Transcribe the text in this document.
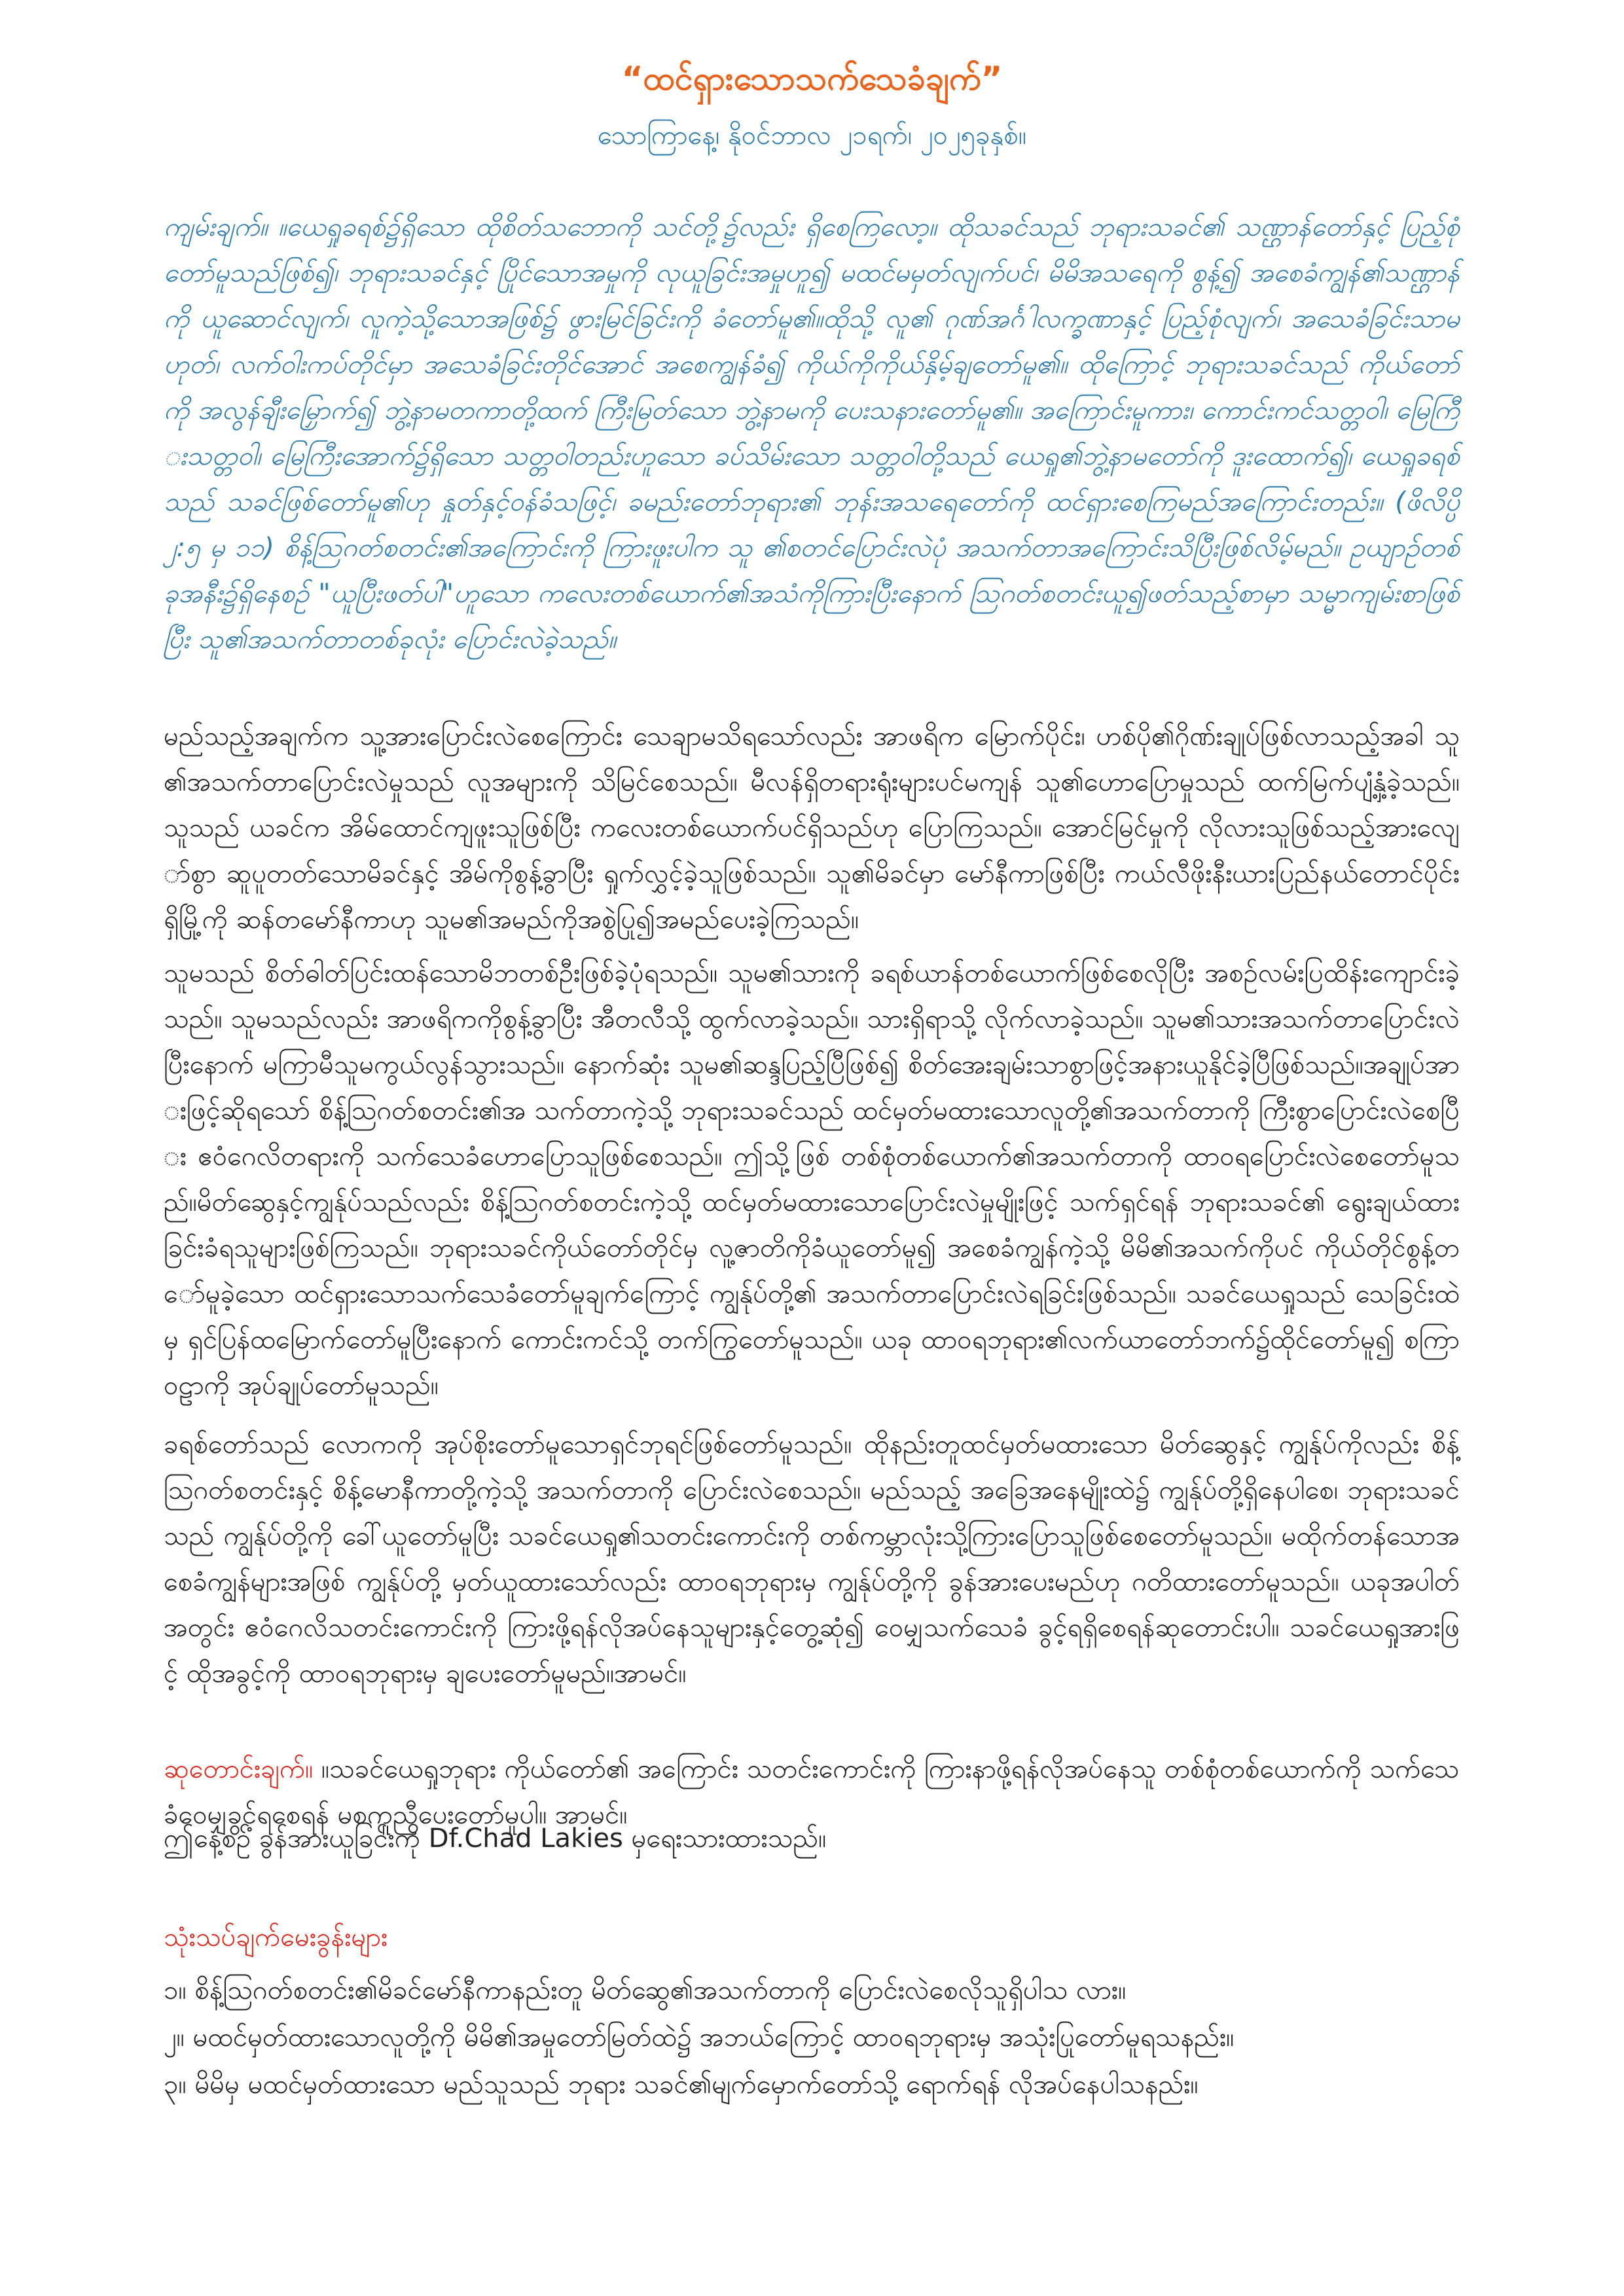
“ထင်ရှားသောသက်သေခံချက်”
သောကြာနေ့၊ နိုဝင်ဘာလ ၂၁ရက်၊ ၂၀၂၅ခုနှစ်။

ကျမ်းချက်။ ။ယေရှုခရစ်၌ရှိသော ထိုစိတ်သဘောကို သင်တို့၌လည်း ရှိစေကြလော့။ ထိုသခင်သည် ဘုရားသခင်၏ သဏ္ဌာန်တော်နှင့် ပြည့်စုံတော်မူသည်ဖြစ်၍၊ ဘုရားသခင်နှင့် ပြိုင်သောအမှုကို လုယူခြင်းအမှုဟူ၍ မထင်မမှတ်လျက်ပင်၊ မိမိအသရေကို စွန့်၍ အစေခံကျွန်၏သဏ္ဌာန်ကို ယူဆောင်လျက်၊ လူကဲ့သို့သောအဖြစ်၌ ဖွားမြင်ခြင်းကို ခံတော်မူ၏။ထိုသို့ လူ၏ ဂုဏ်အင်္ဂါလက္ခဏာနှင့် ပြည့်စုံလျက်၊ အသေခံခြင်းသာမဟုတ်၊ လက်ဝါးကပ်တိုင်မှာ အသေခံခြင်းတိုင်အောင် အစေကျွန်ခံ၍ ကိုယ်ကိုကိုယ်နှိမ့်ချတော်မူ၏။ ထိုကြောင့် ဘုရားသခင်သည် ကိုယ်တော်ကို အလွန်ချီးမြှောက်၍ ဘွဲ့နာမတကာတို့ထက် ကြီးမြတ်သော ဘွဲ့နာမကို ပေးသနားတော်မူ၏။ အကြောင်းမူကား၊ ကောင်းကင်သတ္တဝါ၊ မြေကြီးသတ္တဝါ၊ မြေကြီးအောက်၌ရှိသော သတ္တဝါတည်းဟူသော ခပ်သိမ်းသော သတ္တဝါတို့သည် ယေရှု၏ဘွဲ့နာမတော်ကို ဒူးထောက်၍၊ ယေရှုခရစ်သည် သခင်ဖြစ်တော်မူ၏ဟု နှုတ်နှင့်ဝန်ခံသဖြင့်၊ ခမည်းတော်ဘုရား၏ ဘုန်းအသရေတော်ကို ထင်ရှားစေကြမည်အကြောင်းတည်း။ (ဖိလိပ္ပိ ၂:၅ မှ ၁၁) စိန့်ဩဂတ်စတင်း၏အကြောင်းကို ကြားဖူးပါက သူ ၏စတင်ပြောင်းလဲပုံ အသက်တာအကြောင်းသိပြီးဖြစ်လိမ့်မည်။ ဥယျာဉ်တစ်ခုအနီး၌ရှိနေစဉ် "ယူပြီးဖတ်ပါ"ဟူသော ကလေးတစ်ယောက်၏အသံကိုကြားပြီးနောက် ဩဂတ်စတင်းယူ၍ဖတ်သည့်စာမှာ သမ္မာကျမ်းစာဖြစ်ပြီး သူ၏အသက်တာတစ်ခုလုံး ပြောင်းလဲခဲ့သည်။

မည်သည့်အချက်က သူ့အားပြောင်းလဲစေကြောင်း သေချာမသိရသော်လည်း အာဖရိက မြောက်ပိုင်း၊ ဟစ်ပို၏ဂိုဏ်းချုပ်ဖြစ်လာသည့်အခါ သူ၏အသက်တာပြောင်းလဲမှုသည် လူအများကို သိမြင်စေသည်။ မီလန်ရှိတရားရုံးများပင်မကျန် သူ၏ဟောပြောမှုသည် ထက်မြက်ပျံ့နှံ့ခဲ့သည်။ သူသည် ယခင်က အိမ်ထောင်ကျဖူးသူဖြစ်ပြီး ကလေးတစ်ယောက်ပင်ရှိသည်ဟု ပြောကြသည်။ အောင်မြင်မှုကို လိုလားသူဖြစ်သည့်အားလျော်စွာ ဆူပူတတ်သောမိခင်နှင့် အိမ်ကိုစွန့်ခွာပြီး ရှုက်လွှင့်ခဲ့သူဖြစ်သည်။ သူ၏မိခင်မှာ မော်နီကာဖြစ်ပြီး ကယ်လီဖိုးနီးယားပြည်နယ်တောင်ပိုင်းရှိမြို့ကို ဆန်တမော်နီကာဟု သူမ၏အမည်ကိုအစွဲပြု၍အမည်ပေးခဲ့ကြသည်။

သူမသည် စိတ်ဓါတ်ပြင်းထန်သောမိဘတစ်ဦးဖြစ်ခဲ့ပုံရသည်။ သူမ၏သားကို ခရစ်ယာန်တစ်ယောက်ဖြစ်စေလိုပြီး အစဉ်လမ်းပြထိန်းကျောင်းခဲ့သည်။ သူမသည်လည်း အာဖရိကကိုစွန့်ခွာပြီး အီတလီသို့ ထွက်လာခဲ့သည်။ သားရှိရာသို့ လိုက်လာခဲ့သည်။ သူမ၏သားအသက်တာပြောင်းလဲ ပြီးနောက် မကြာမီသူမကွယ်လွန်သွားသည်။ နောက်ဆုံး သူမ၏ဆန္ဒပြည့်ပြီဖြစ်၍ စိတ်အေးချမ်းသာစွာဖြင့်အနားယူနိုင်ခဲ့ပြီဖြစ်သည်။အချုပ်အားဖြင့်ဆိုရသော် စိန့်ဩဂတ်စတင်း၏အ သက်တာကဲ့သို့ ဘုရားသခင်သည် ထင်မှတ်မထားသောလူတို့၏အသက်တာကို ကြီးစွာပြောင်းလဲစေပြီး ဧဝံဂေလိတရားကို သက်သေခံဟောပြောသူဖြစ်စေသည်။ ဤသို့ဖြစ် တစ်စုံတစ်ယောက်၏အသက်တာကို ထာဝရပြောင်းလဲစေတော်မူသည်။မိတ်ဆွေနှင့်ကျွန်ုပ်သည်လည်း စိန့်ဩဂတ်စတင်းကဲ့သို့ ထင်မှတ်မထားသောပြောင်းလဲမှုမျိုးဖြင့် သက်ရှင်ရန် ဘုရားသခင်၏ ရွေးချယ်ထားခြင်းခံရသူများဖြစ်ကြသည်။ ဘုရားသခင်ကိုယ်တော်တိုင်မှ လူ့ဇာတိကိုခံယူတော်မူ၍ အစေခံကျွန်ကဲ့သို့ မိမိ၏အသက်ကိုပင် ကိုယ်တိုင်စွန့်တော်မူခဲ့သော ထင်ရှားသောသက်သေခံတော်မူချက်ကြောင့် ကျွန်ုပ်တို့၏ အသက်တာပြောင်းလဲရခြင်းဖြစ်သည်။ သခင်ယေရှုသည် သေခြင်းထဲမှ ရှင်ပြန်ထမြောက်တော်မူပြီးနောက် ကောင်းကင်သို့ တက်ကြွတော်မူသည်။ ယခု ထာဝရဘုရား၏လက်ယာတော်ဘက်၌ထိုင်တော်မူ၍ စကြာဝဠာကို အုပ်ချုပ်တော်မူသည်။

ခရစ်တော်သည် လောကကို အုပ်စိုးတော်မူသောရှင်ဘုရင်ဖြစ်တော်မူသည်။ ထိုနည်းတူထင်မှတ်မထားသော မိတ်ဆွေနှင့် ကျွန်ုပ်ကိုလည်း စိန့်ဩဂတ်စတင်းနှင့် စိန့်မောနီကာတို့ကဲ့သို့ အသက်တာကို ပြောင်းလဲစေသည်။ မည်သည့် အခြေအနေမျိုးထဲ၌ ကျွန်ုပ်တို့ရှိနေပါစေ၊ ဘုရားသခင်သည် ကျွန်ုပ်တို့ကို ခေါ်ယူတော်မူပြီး သခင်ယေရှု၏သတင်းကောင်းကို တစ်ကမ္ဘာလုံးသို့ကြားပြောသူဖြစ်စေတော်မူသည်။ မထိုက်တန်သောအစေခံကျွန်များအဖြစ် ကျွန်ုပ်တို့ မှတ်ယူထားသော်လည်း ထာဝရဘုရားမှ ကျွန်ုပ်တို့ကို ခွန်အားပေးမည်ဟု ဂတိထားတော်မူသည်။ ယခုအပါတ်အတွင်း ဧဝံဂေလိသတင်းကောင်းကို ကြားဖို့ရန်လိုအပ်နေသူများနှင့်တွေ့ဆုံ၍ ဝေမျှသက်သေခံ ခွင့်ရရှိစေရန်ဆုတောင်းပါ။ သခင်ယေရှုအားဖြင့် ထိုအခွင့်ကို ထာဝရဘုရားမှ ချပေးတော်မူမည်။အာမင်။

ဆုတောင်းချက်။ ။သခင်ယေရှုဘုရား ကိုယ်တော်၏ အကြောင်း သတင်းကောင်းကို ကြားနာဖို့ရန်လိုအပ်နေသူ တစ်စုံတစ်ယောက်ကို သက်သေခံဝေမျှခွင့်ရစေရန် မစကူညီပေးတော်မူပါ။ အာမင်။

ဤနေ့စဉ် ခွန်အားယူခြင်းကို Df.Chad Lakies မှရေးသားထားသည်။

သုံးသပ်ချက်မေးခွန်းများ

၁။ စိန့်ဩဂတ်စတင်း၏မိခင်မော်နီကာနည်းတူ မိတ်ဆွေ၏အသက်တာကို ပြောင်းလဲစေလိုသူရှိပါသ လား။
၂။ မထင်မှတ်ထားသောလူတို့ကို မိမိ၏အမှုတော်မြတ်ထဲ၌ အဘယ်ကြောင့် ထာဝရဘုရားမှ အသုံးပြုတော်မူရသနည်း။
၃။ မိမိမှ မထင်မှတ်ထားသော မည်သူသည် ဘုရား သခင်၏မျက်မှောက်တော်သို့ ရောက်ရန် လိုအပ်နေပါသနည်း။
